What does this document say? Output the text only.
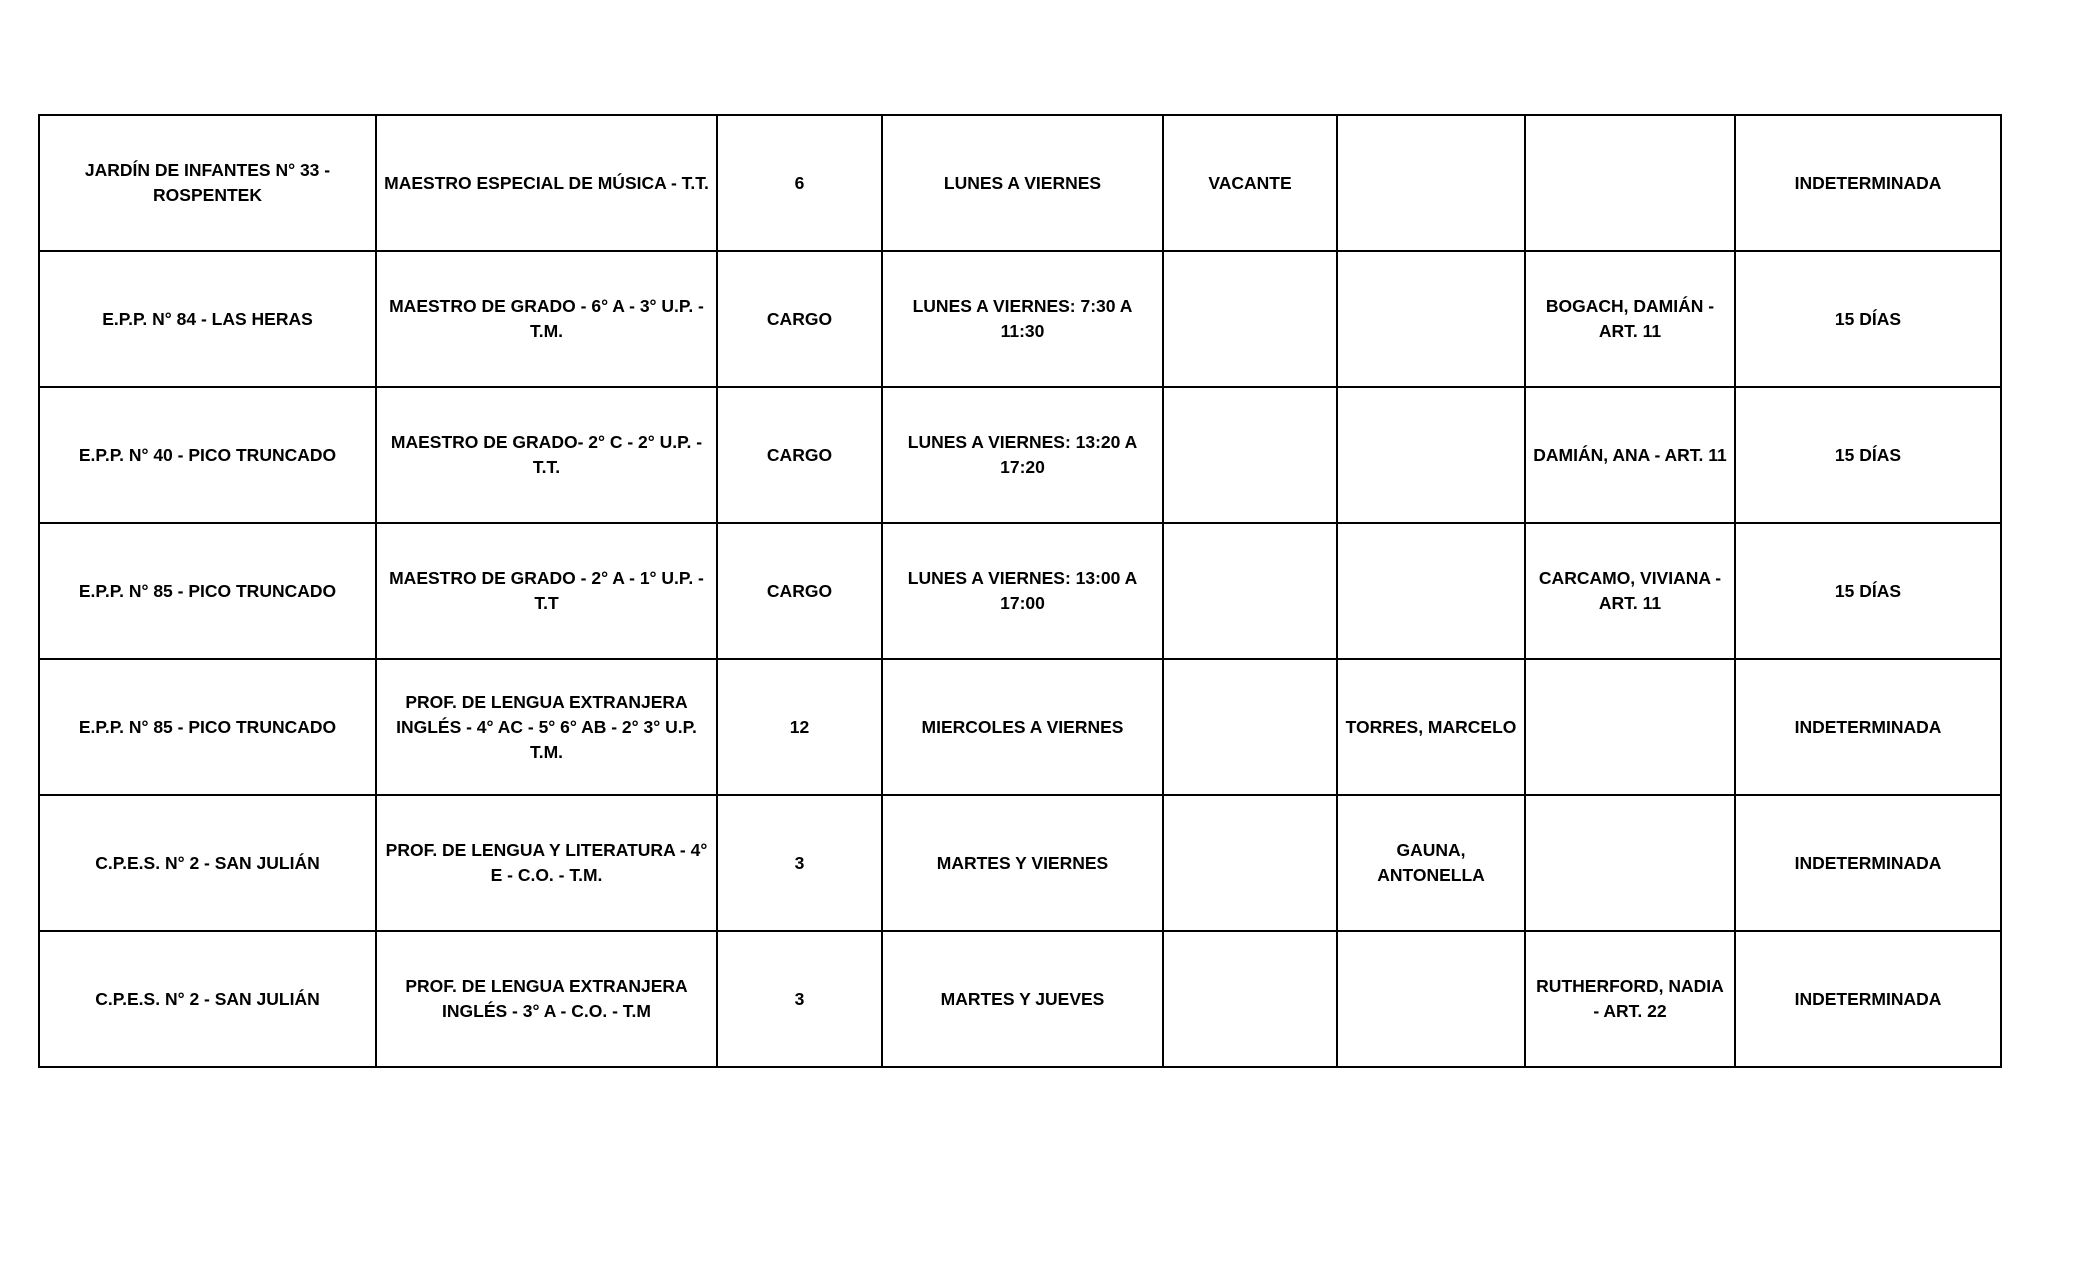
JARDÍN DE INFANTES N° 33 - ROSPENTEK	MAESTRO ESPECIAL DE MÚSICA - T.T.	6	LUNES A VIERNES	VACANTE			INDETERMINADA
E.P.P. N° 84 - LAS HERAS	MAESTRO DE GRADO - 6° A - 3° U.P. - T.M.	CARGO	LUNES A VIERNES: 7:30 A 11:30			BOGACH, DAMIÁN - ART. 11	15 DÍAS
E.P.P. N° 40 - PICO TRUNCADO	MAESTRO DE GRADO- 2° C - 2° U.P. - T.T.	CARGO	LUNES A VIERNES: 13:20 A 17:20			DAMIÁN, ANA - ART. 11	15 DÍAS
E.P.P. N° 85 - PICO TRUNCADO	MAESTRO DE GRADO - 2° A - 1° U.P. - T.T	CARGO	LUNES A VIERNES: 13:00 A 17:00			CARCAMO, VIVIANA - ART. 11	15 DÍAS
E.P.P. N° 85 - PICO TRUNCADO	PROF. DE LENGUA EXTRANJERA INGLÉS - 4° AC - 5° 6° AB - 2° 3° U.P. T.M.	12	MIERCOLES A VIERNES		TORRES, MARCELO		INDETERMINADA
C.P.E.S. N° 2 - SAN JULIÁN	PROF. DE LENGUA Y LITERATURA - 4° E - C.O. - T.M.	3	MARTES Y VIERNES		GAUNA, ANTONELLA		INDETERMINADA
C.P.E.S. N° 2 - SAN JULIÁN	PROF. DE LENGUA EXTRANJERA INGLÉS - 3° A - C.O. - T.M	3	MARTES Y JUEVES			RUTHERFORD, NADIA - ART. 22	INDETERMINADA
